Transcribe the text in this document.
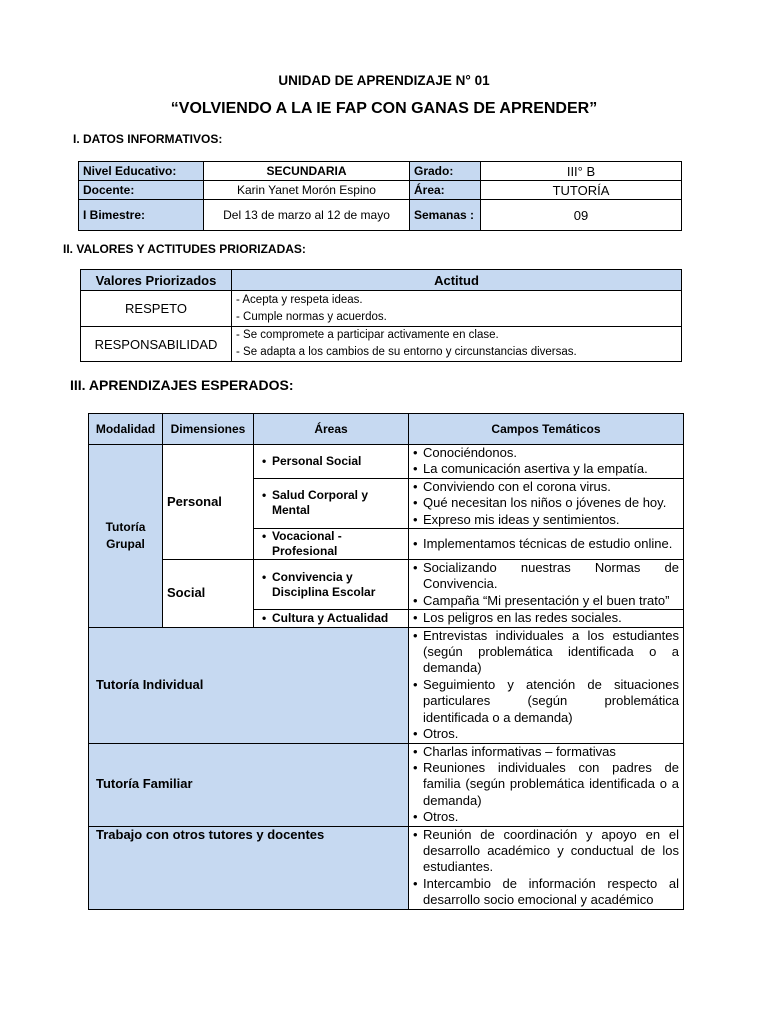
UNIDAD DE APRENDIZAJE N° 01
“VOLVIENDO A LA IE FAP CON GANAS DE APRENDER”
I. DATOS INFORMATIVOS:
Nivel Educativo:	SECUNDARIA	Grado:	III° B
Docente:	Karin Yanet Morón Espino	Área:	TUTORÍA
I Bimestre:	Del 13 de marzo al 12 de mayo	Semanas :	09
II. VALORES Y ACTITUDES PRIORIZADAS:
Valores Priorizados	Actitud
RESPETO	- Acepta y respeta ideas.
- Cumple normas y acuerdos.

RESPONSABILIDAD	- Se compromete a participar activamente en clase.
- Se adapta a los cambios de su entorno y circunstancias diversas.
III. APRENDIZAJES ESPERADOS:
Modalidad	Dimensiones	Áreas	Campos Temáticos
Tutoría Grupal	Personal	• Personal Social	• Conociéndonos.
• La comunicación asertiva y la empatía.

		• Salud Corporal y Mental	• Conviviendo con el corona virus.
• Qué necesitan los niños o jóvenes de hoy.
• Expreso mis ideas y sentimientos.

		• Vocacional - Profesional	• Implementamos técnicas de estudio online.

	Social	• Convivencia y Disciplina Escolar	• Socializando nuestras Normas de Convivencia.
• Campaña “Mi presentación y el buen trato”

		• Cultura y Actualidad	• Los peligros en las redes sociales.

Tutoría Individual			• Entrevistas individuales a los estudiantes (según problemática identificada o a demanda)
• Seguimiento y atención de situaciones particulares (según problemática identificada o a demanda)
• Otros.

Tutoría Familiar			• Charlas informativas – formativas
• Reuniones individuales con padres de familia (según problemática identificada o a demanda)
• Otros.

Trabajo con otros tutores y docentes			• Reunión de coordinación y apoyo en el desarrollo académico y conductual de los estudiantes.
• Intercambio de información respecto al desarrollo socio emocional y académico
